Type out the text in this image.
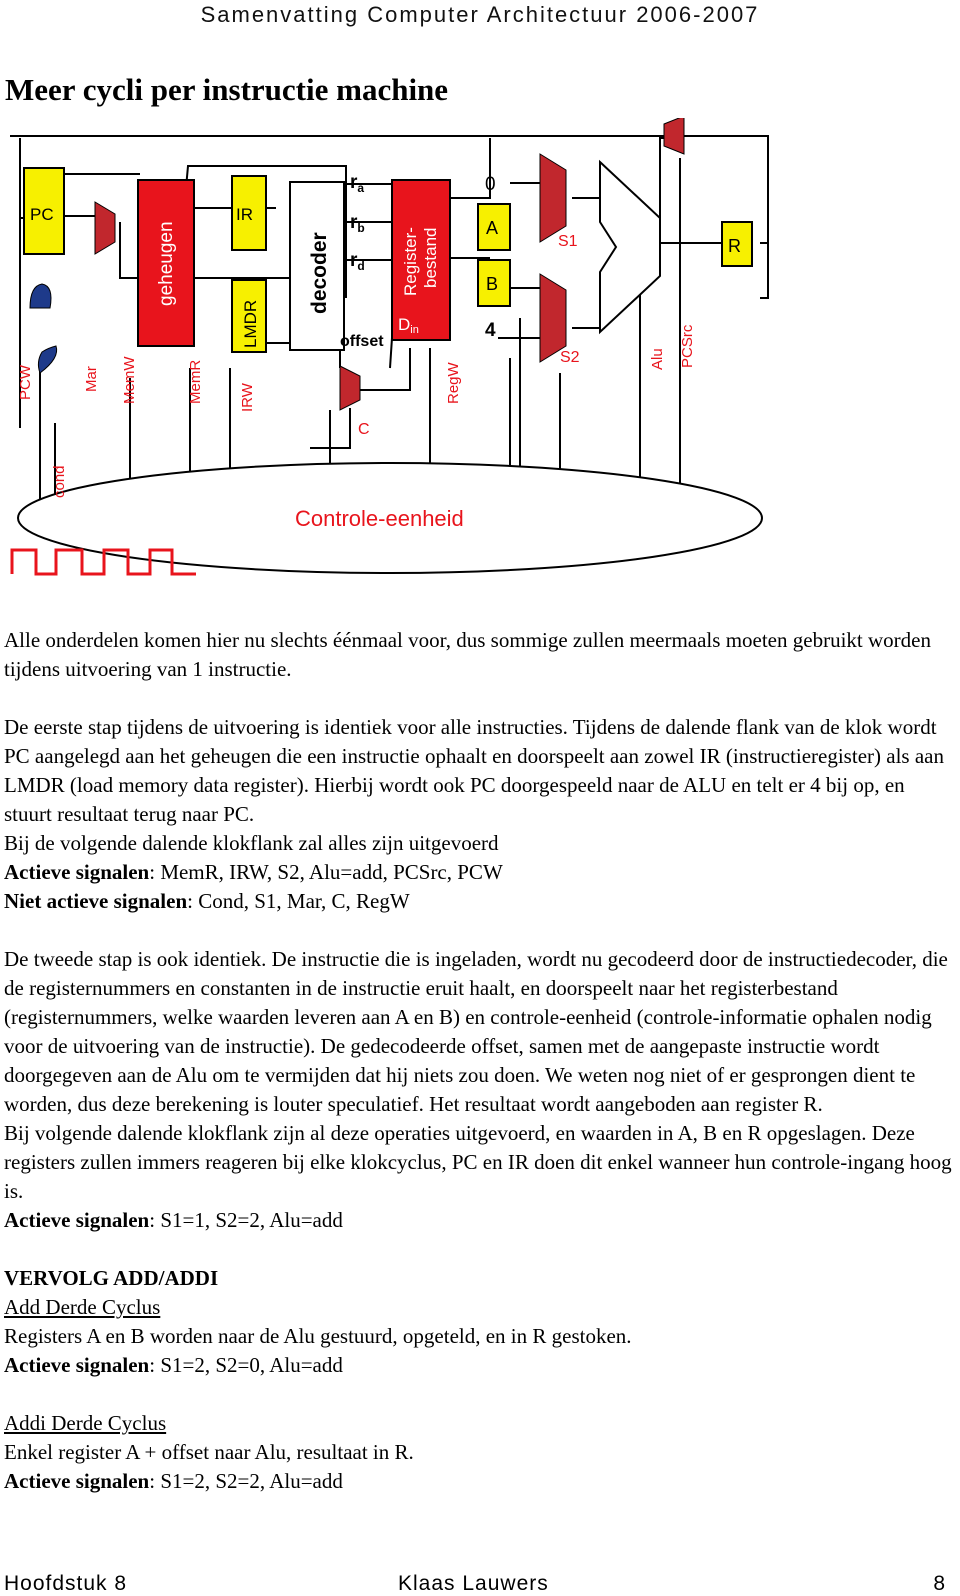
Samenvatting Computer Architectuur 2006-2007
Meer cycli per instructie machine
Controle-eenheid
PC
geheugen
IR
LMDR
decoder
$r_a$
$r_b$
$r_d$
offset
Register- bestand
Din
0
A
B
4
S1
S2
R
C
PCW
cond
Mar MemW	MemR IRW	RegW
Alu PCSrc

Alle onderdelen komen hier nu slechts éénmaal voor, dus sommige zullen meermaals moeten gebruikt worden tijdens uitvoering van 1 instructie.

De eerste stap tijdens de uitvoering is identiek voor alle instructies. Tijdens de dalende flank van de klok wordt PC aangelegd aan het geheugen die een instructie ophaalt en doorspeelt aan zowel IR (instructieregister) als aan LMDR (load memory data register). Hierbij wordt ook PC doorgespeeld naar de ALU en telt er 4 bij op, en stuurt resultaat terug naar PC.

Bij de volgende dalende klokflank zal alles zijn uitgevoerd

Actieve signalen: MemR, IRW, S2, Alu=add, PCSrc, PCW

Niet actieve signalen: Cond, S1, Mar, C, RegW

De tweede stap is ook identiek. De instructie die is ingeladen, wordt nu gecodeerd door de instructiedecoder, die de registernummers en constanten in de instructie eruit haalt, en doorspeelt naar het registerbestand (registernummers, welke waarden leveren aan A en B) en controle-eenheid (controle-informatie ophalen nodig voor de uitvoering van de instructie). De gedecodeerde offset, samen met de aangepaste instructie wordt doorgegeven aan de Alu om te vermijden dat hij niets zou doen. We weten nog niet of er gesprongen dient te worden, dus deze berekening is louter speculatief. Het resultaat wordt aangeboden aan register R.

Bij volgende dalende klokflank zijn al deze operaties uitgevoerd, en waarden in A, B en R opgeslagen. Deze registers zullen immers reageren bij elke klokcyclus, PC en IR doen dit enkel wanneer hun controle-ingang hoog is.

Actieve signalen: S1=1, S2=2, Alu=add

VERVOLG ADD/ADDI

Add Derde Cyclus

Registers A en B worden naar de Alu gestuurd, opgeteld, en in R gestoken.

Actieve signalen: S1=2, S2=0, Alu=add

Addi Derde Cyclus

Enkel register A + offset naar Alu, resultaat in R.

Actieve signalen: S1=2, S2=2, Alu=add

Hoofdstuk 8	Klaas Lauwers	8
